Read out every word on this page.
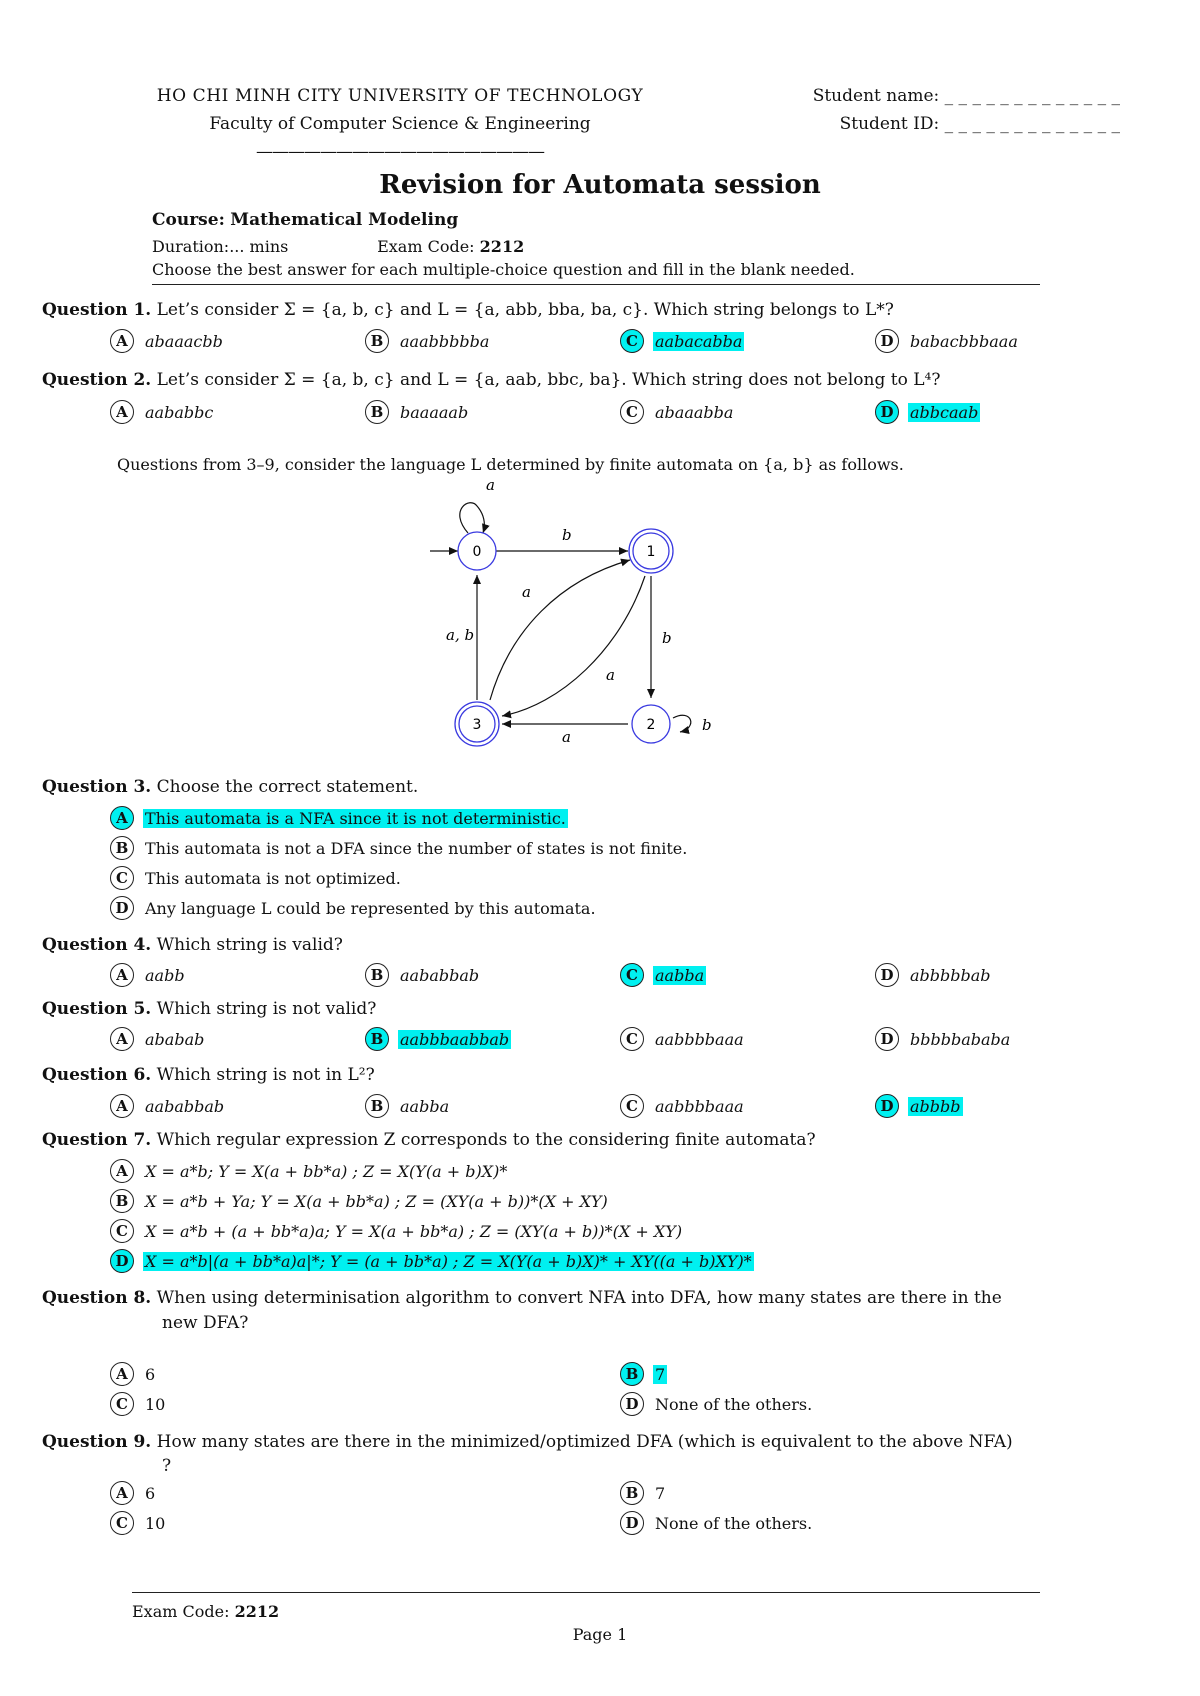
HO CHI MINH CITY UNIVERSITY OF TECHNOLOGY
Faculty of Computer Science & Engineering
——————————————————
Student name: _ _ _ _ _ _ _ _ _ _ _ _ _
Student ID: _ _ _ _ _ _ _ _ _ _ _ _ _
Revision for Automata session
Course: Mathematical Modeling
Duration:... mins	Exam Code: 2212
Choose the best answer for each multiple-choice question and fill in the blank needed.
Question 1. Let’s consider Σ = {a, b, c} and L = {a, abb, bba, ba, c}. Which string belongs to L*?
A	abaaacbb	B	aaabbbbba	C	aabacabba	D	babacbbbaaa
Question 2. Let’s consider Σ = {a, b, c} and L = {a, aab, bbc, ba}. Which string does not belong to L⁴?
A	aababbc	B	baaaaab	C	abaaabba	D	abbcaab
Questions from 3–9, consider the language L determined by finite automata on {a, b} as follows.
a
b
a
a, b	b
a
a
b
0	1
2
3
Question 3. Choose the correct statement.
A	This automata is a NFA since it is not deterministic.
B	This automata is not a DFA since the number of states is not finite.
C	This automata is not optimized.
D	Any language L could be represented by this automata.
Question 4. Which string is valid?
A	aabb	B	aababbab	C	aabba	D	abbbbbab
Question 5. Which string is not valid?
A	ababab	B	aabbbaabbab	C	aabbbbaaa	D	bbbbbababa
Question 6. Which string is not in L²?
A	aababbab	B	aabba	C	aabbbbaaa	D	abbbb
Question 7. Which regular expression Z corresponds to the considering finite automata?
A	X = a*b; Y = X(a + bb*a) ; Z = X(Y(a + b)X)*
B	X = a*b + Ya; Y = X(a + bb*a) ; Z = (XY(a + b))*(X + XY)
C	X = a*b + (a + bb*a)a; Y = X(a + bb*a) ; Z = (XY(a + b))*(X + XY)
D	X = a*b|(a + bb*a)a|*; Y = (a + bb*a) ; Z = X(Y(a + b)X)* + XY((a + b)XY)*
Question 8. When using determinisation algorithm to convert NFA into DFA, how many states are there in the
new DFA?
A	6	B	7
C	10	D	None of the others.
Question 9. How many states are there in the minimized/optimized DFA (which is equivalent to the above NFA)
?
A	6	B	7
C	10	D	None of the others.
Exam Code: 2212
Page 1
